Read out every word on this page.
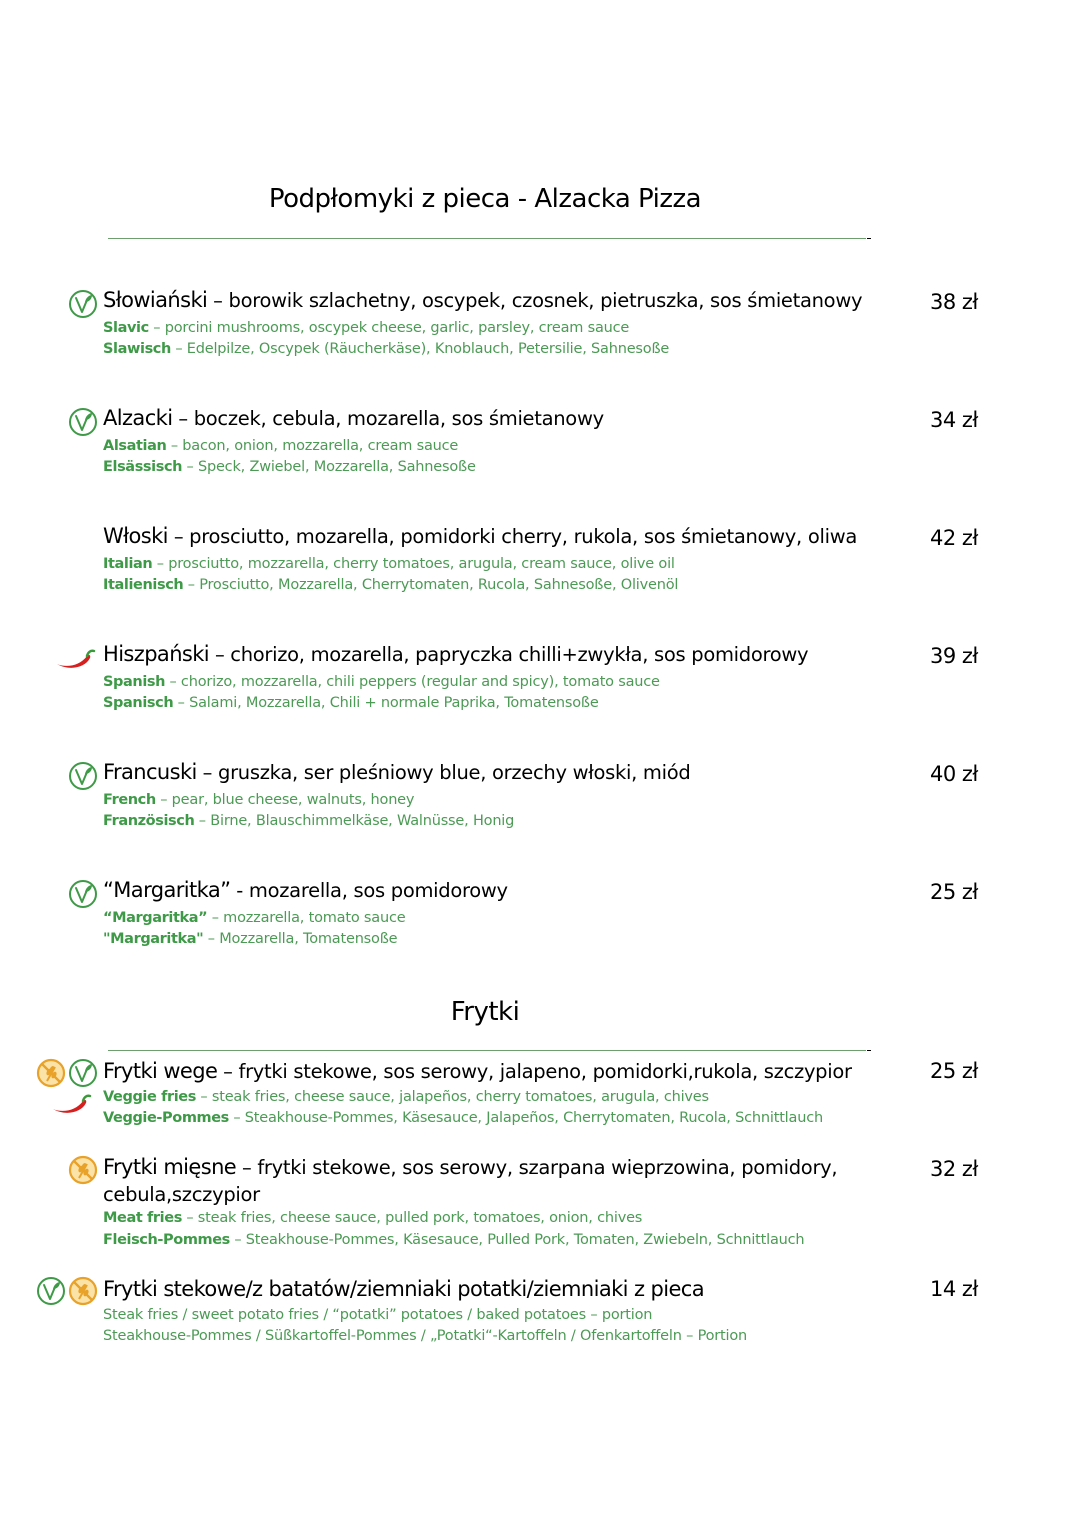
Podpłomyki z pieca - Alzacka Pizza
Słowiański – borowik szlachetny, oscypek, czosnek, pietruszka, sos śmietanowy
Slavic – porcini mushrooms, oscypek cheese, garlic, parsley, cream sauce
Slawisch – Edelpilze, Oscypek (Räucherkäse), Knoblauch, Petersilie, Sahnesoße
38 zł
Alzacki – boczek, cebula, mozarella, sos śmietanowy
Alsatian – bacon, onion, mozzarella, cream sauce
Elsässisch – Speck, Zwiebel, Mozzarella, Sahnesoße
34 zł
Włoski – prosciutto, mozarella, pomidorki cherry, rukola, sos śmietanowy, oliwa
Italian – prosciutto, mozzarella, cherry tomatoes, arugula, cream sauce, olive oil
Italienisch – Prosciutto, Mozzarella, Cherrytomaten, Rucola, Sahnesoße, Olivenöl
42 zł
Hiszpański – chorizo, mozarella, papryczka chilli+zwykła, sos pomidorowy
Spanish – chorizo, mozzarella, chili peppers (regular and spicy), tomato sauce
Spanisch – Salami, Mozzarella, Chili + normale Paprika, Tomatensoße
39 zł
Francuski – gruszka, ser pleśniowy blue, orzechy włoski, miód
French – pear, blue cheese, walnuts, honey
Französisch – Birne, Blauschimmelkäse, Walnüsse, Honig
40 zł
“Margaritka” - mozarella, sos pomidorowy
“Margaritka” – mozzarella, tomato sauce
"Margaritka" – Mozzarella, Tomatensoße
25 zł
Frytki
Frytki wege – frytki stekowe, sos serowy, jalapeno, pomidorki,rukola, szczypior
Veggie fries – steak fries, cheese sauce, jalapeños, cherry tomatoes, arugula, chives
Veggie-Pommes – Steakhouse-Pommes, Käsesauce, Jalapeños, Cherrytomaten, Rucola, Schnittlauch
25 zł
Frytki mięsne – frytki stekowe, sos serowy, szarpana wieprzowina, pomidory,
cebula,szczypior
Meat fries – steak fries, cheese sauce, pulled pork, tomatoes, onion, chives
Fleisch-Pommes – Steakhouse-Pommes, Käsesauce, Pulled Pork, Tomaten, Zwiebeln, Schnittlauch
32 zł
Frytki stekowe/z batatów/ziemniaki potatki/ziemniaki z pieca
Steak fries / sweet potato fries / “potatki” potatoes / baked potatoes – portion
Steakhouse-Pommes / Süßkartoffel-Pommes / „Potatki“-Kartoffeln / Ofenkartoffeln – Portion
14 zł
